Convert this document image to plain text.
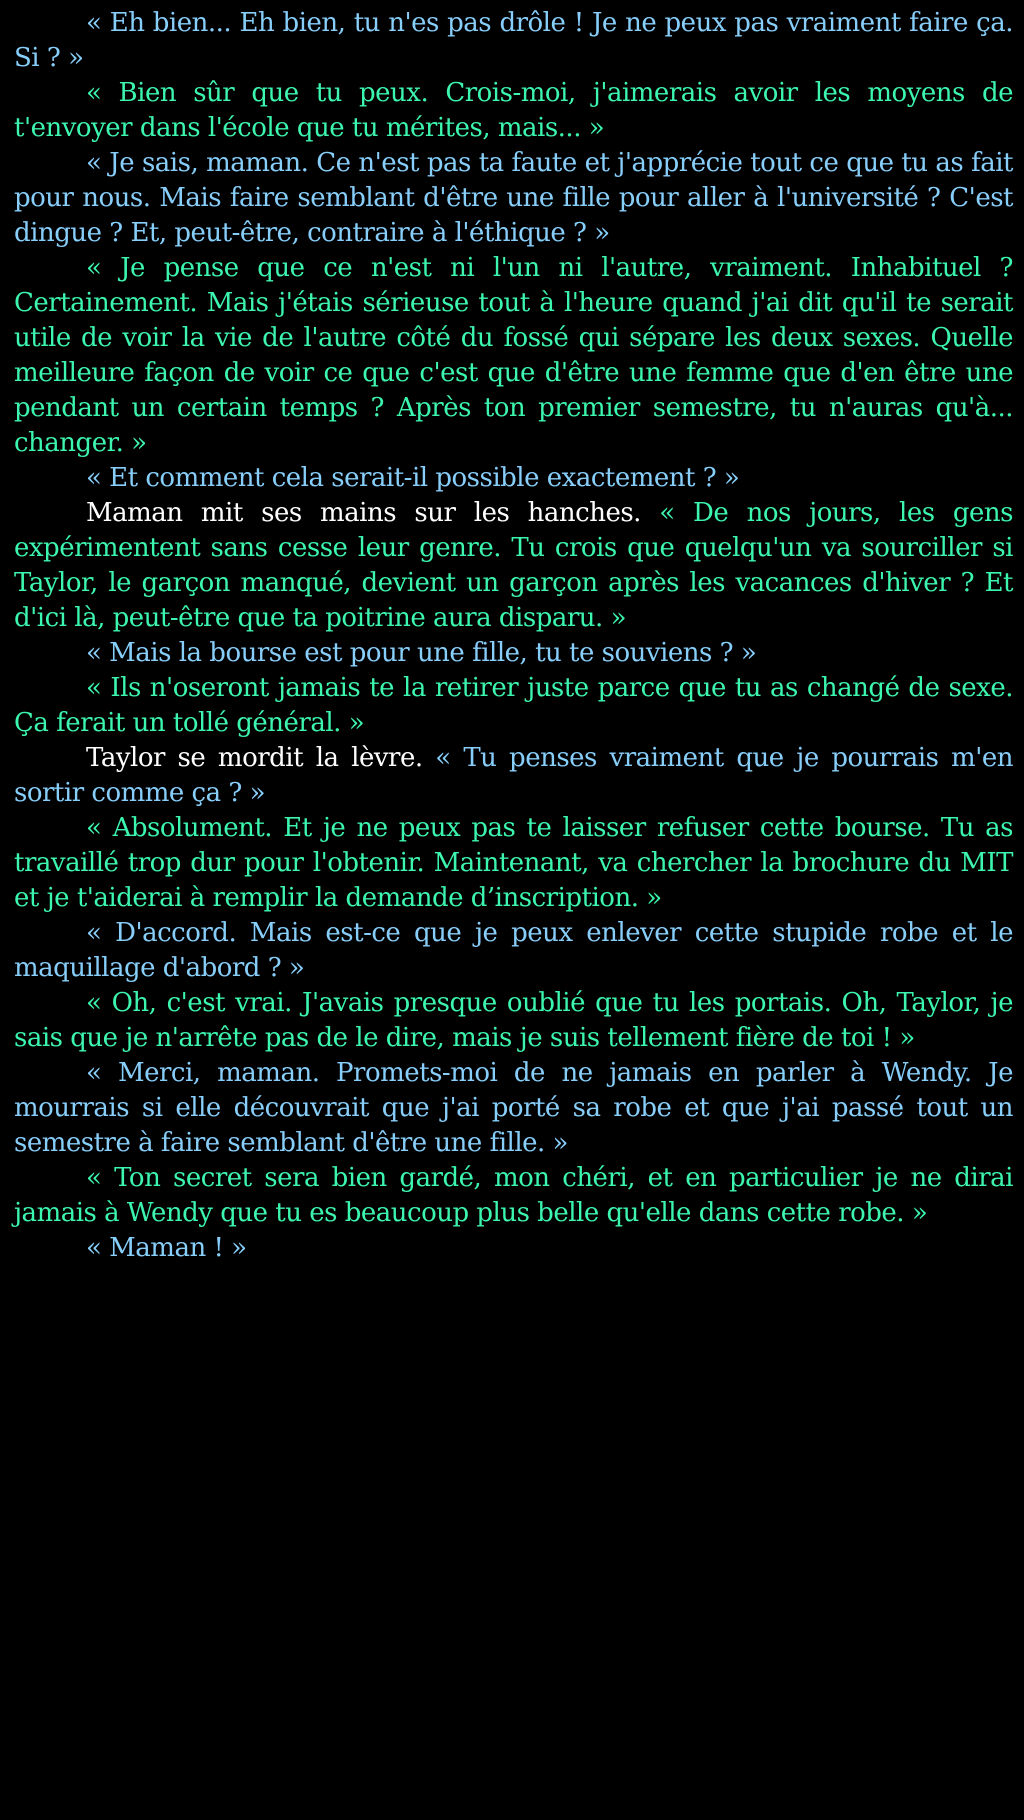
« Eh bien... Eh bien, tu n'es pas drôle ! Je ne peux pas vraiment faire ça. Si ? »

« Bien sûr que tu peux. Crois-moi, j'aimerais avoir les moyens de t'envoyer dans l'école que tu mérites, mais... »

« Je sais, maman. Ce n'est pas ta faute et j'apprécie tout ce que tu as fait pour nous. Mais faire semblant d'être une fille pour aller à l'université ? C'est dingue ? Et, peut-être, contraire à l'éthique ? »

« Je pense que ce n'est ni l'un ni l'autre, vraiment. Inhabituel ? Certainement. Mais j'étais sérieuse tout à l'heure quand j'ai dit qu'il te serait utile de voir la vie de l'autre côté du fossé qui sépare les deux sexes. Quelle meilleure façon de voir ce que c'est que d'être une femme que d'en être une pendant un certain temps ? Après ton premier semestre, tu n'auras qu'à... changer. »

« Et comment cela serait-il possible exactement ? »

Maman mit ses mains sur les hanches. « De nos jours, les gens expérimentent sans cesse leur genre. Tu crois que quelqu'un va sourciller si Taylor, le garçon manqué, devient un garçon après les vacances d'hiver ? Et d'ici là, peut-être que ta poitrine aura disparu. »

« Mais la bourse est pour une fille, tu te souviens ? »

« Ils n'oseront jamais te la retirer juste parce que tu as changé de sexe. Ça ferait un tollé général. »

Taylor se mordit la lèvre. « Tu penses vraiment que je pourrais m'en sortir comme ça ? »

« Absolument. Et je ne peux pas te laisser refuser cette bourse. Tu as travaillé trop dur pour l'obtenir. Maintenant, va chercher la brochure du MIT et je t'aiderai à remplir la demande d’inscription. »

« D'accord. Mais est-ce que je peux enlever cette stupide robe et le maquillage d'abord ? »

« Oh, c'est vrai. J'avais presque oublié que tu les portais. Oh, Taylor, je sais que je n'arrête pas de le dire, mais je suis tellement fière de toi ! »

« Merci, maman. Promets-moi de ne jamais en parler à Wendy. Je mourrais si elle découvrait que j'ai porté sa robe et que j'ai passé tout un semestre à faire semblant d'être une fille. »

« Ton secret sera bien gardé, mon chéri, et en particulier je ne dirai jamais à Wendy que tu es beaucoup plus belle qu'elle dans cette robe. »

« Maman ! »
